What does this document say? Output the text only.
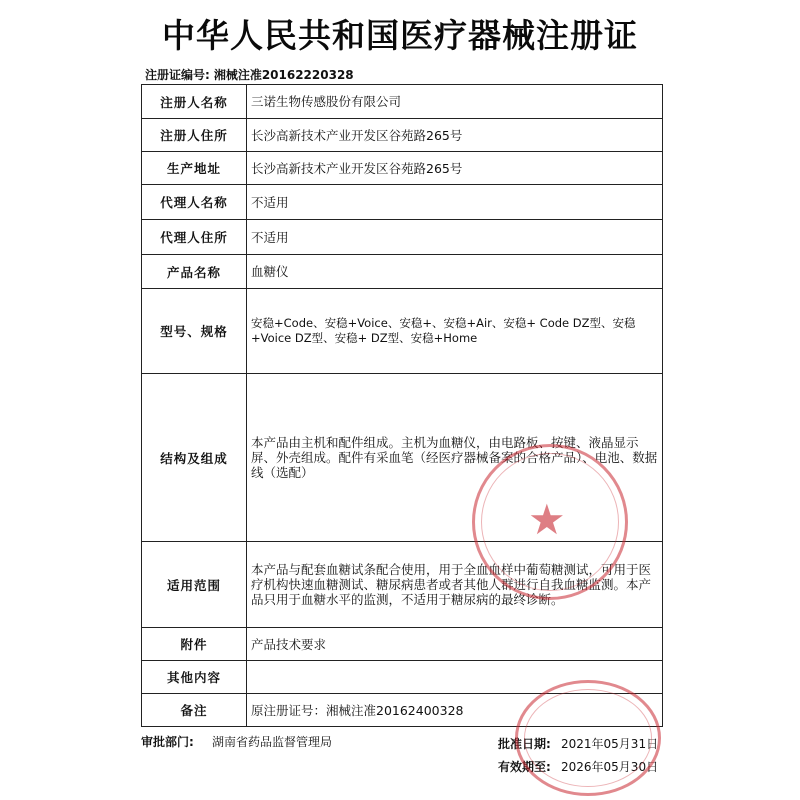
中华人民共和国医疗器械注册证
注册证编号: 湘械注准20162220328
注册人名称	三诺生物传感股份有限公司
注册人住所	长沙高新技术产业开发区谷苑路265号
生产地址	长沙高新技术产业开发区谷苑路265号
代理人名称	不适用
代理人住所	不适用
产品名称	血糖仪
型号、规格	安稳+Code、安稳+Voice、安稳+、安稳+Air、安稳+ Code DZ型、安稳+Voice DZ型、安稳+ DZ型、安稳+Home
结构及组成	本产品由主机和配件组成。主机为血糖仪，由电路板、按键、液晶显示屏、外壳组成。配件有采血笔（经医疗器械备案的合格产品）、电池、数据线（选配）
适用范围	本产品与配套血糖试条配合使用，用于全血血样中葡萄糖测试，可用于医疗机构快速血糖测试、糖尿病患者或者其他人群进行自我血糖监测。本产品只用于血糖水平的监测，不适用于糖尿病的最终诊断。
附件	产品技术要求
其他内容	
备注	原注册证号：湘械注准20162400328
审批部门: 湖南省药品监督管理局	批准日期: 2021年05月31日
有效期至: 2026年05月30日
★
